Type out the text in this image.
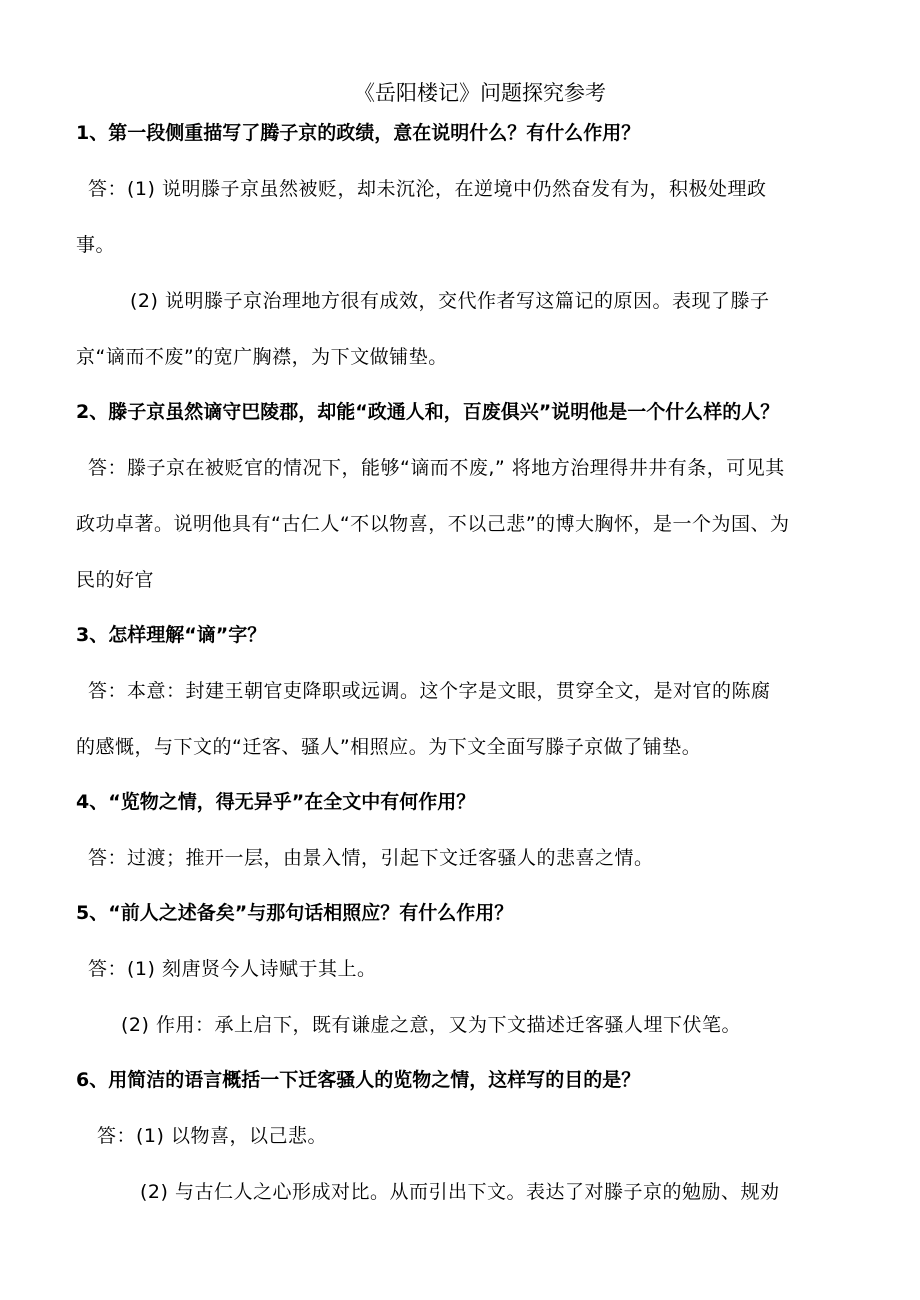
《岳阳楼记》问题探究参考
1、第一段侧重描写了腾子京的政绩，意在说明什么？有什么作用？
答：(1) 说明滕子京虽然被贬，却未沉沦，在逆境中仍然奋发有为，积极处理政
事。
(2) 说明滕子京治理地方很有成效，交代作者写这篇记的原因。表现了滕子
京“谪而不废”的宽广胸襟，为下文做铺垫。
2、滕子京虽然谪守巴陵郡，却能“政通人和，百废俱兴”说明他是一个什么样的人？
答：滕子京在被贬官的情况下，能够“谪而不废,” 将地方治理得井井有条，可见其
政功卓著。说明他具有“古仁人“不以物喜，不以己悲”的博大胸怀，是一个为国、为
民的好官
3、怎样理解“谪”字？
答：本意：封建王朝官吏降职或远调。这个字是文眼，贯穿全文，是对官的陈腐
的感慨，与下文的“迁客、骚人”相照应。为下文全面写滕子京做了铺垫。
4、“览物之情，得无异乎”在全文中有何作用？
答：过渡；推开一层，由景入情，引起下文迁客骚人的悲喜之情。
5、“前人之述备矣”与那句话相照应？有什么作用？
答：(1) 刻唐贤今人诗赋于其上。
(2) 作用：承上启下，既有谦虚之意，又为下文描述迁客骚人埋下伏笔。
6、用简洁的语言概括一下迁客骚人的览物之情，这样写的目的是？
答：(1) 以物喜，以己悲。
(2) 与古仁人之心形成对比。从而引出下文。表达了对滕子京的勉励、规劝
